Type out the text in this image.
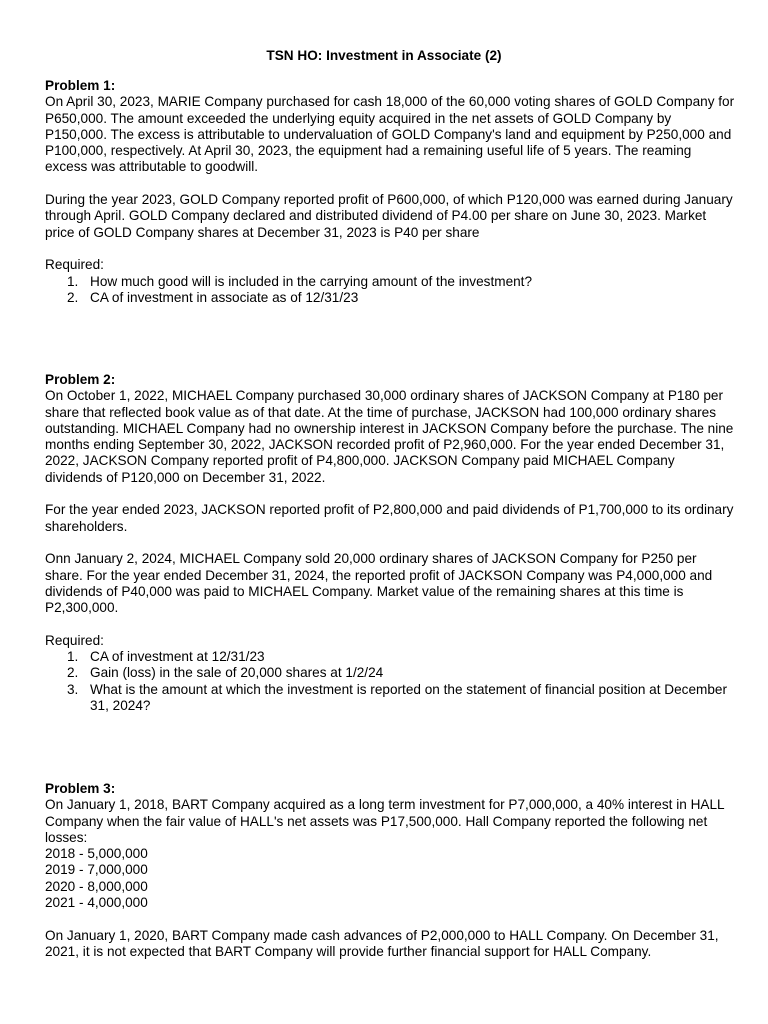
TSN HO: Investment in Associate (2)

Problem 1:

On April 30, 2023, MARIE Company purchased for cash 18,000 of the 60,000 voting shares of GOLD Company for P650,000. The amount exceeded the underlying equity acquired in the net assets of GOLD Company by P150,000. The excess is attributable to undervaluation of GOLD Company's land and equipment by P250,000 and P100,000, respectively. At April 30, 2023, the equipment had a remaining useful life of 5 years. The reaming excess was attributable to goodwill.

During the year 2023, GOLD Company reported profit of P600,000, of which P120,000 was earned during January through April. GOLD Company declared and distributed dividend of P4.00 per share on June 30, 2023. Market price of GOLD Company shares at December 31, 2023 is P40 per share

Required:

1. How much good will is included in the carrying amount of the investment?
2. CA of investment in associate as of 12/31/23

Problem 2:

On October 1, 2022, MICHAEL Company purchased 30,000 ordinary shares of JACKSON Company at P180 per share that reflected book value as of that date. At the time of purchase, JACKSON had 100,000 ordinary shares outstanding. MICHAEL Company had no ownership interest in JACKSON Company before the purchase. The nine months ending September 30, 2022, JACKSON recorded profit of P2,960,000. For the year ended December 31, 2022, JACKSON Company reported profit of P4,800,000. JACKSON Company paid MICHAEL Company dividends of P120,000 on December 31, 2022.

For the year ended 2023, JACKSON reported profit of P2,800,000 and paid dividends of P1,700,000 to its ordinary shareholders.

Onn January 2, 2024, MICHAEL Company sold 20,000 ordinary shares of JACKSON Company for P250 per share. For the year ended December 31, 2024, the reported profit of JACKSON Company was P4,000,000 and dividends of P40,000 was paid to MICHAEL Company. Market value of the remaining shares at this time is P2,300,000.

Required:

1. CA of investment at 12/31/23
2. Gain (loss) in the sale of 20,000 shares at 1/2/24
3. What is the amount at which the investment is reported on the statement of financial position at December 31, 2024?

Problem 3:

On January 1, 2018, BART Company acquired as a long term investment for P7,000,000, a 40% interest in HALL Company when the fair value of HALL's net assets was P17,500,000. Hall Company reported the following net losses:

2018 - 5,000,000

2019 - 7,000,000

2020 - 8,000,000

2021 - 4,000,000

On January 1, 2020, BART Company made cash advances of P2,000,000 to HALL Company. On December 31, 2021, it is not expected that BART Company will provide further financial support for HALL Company.
